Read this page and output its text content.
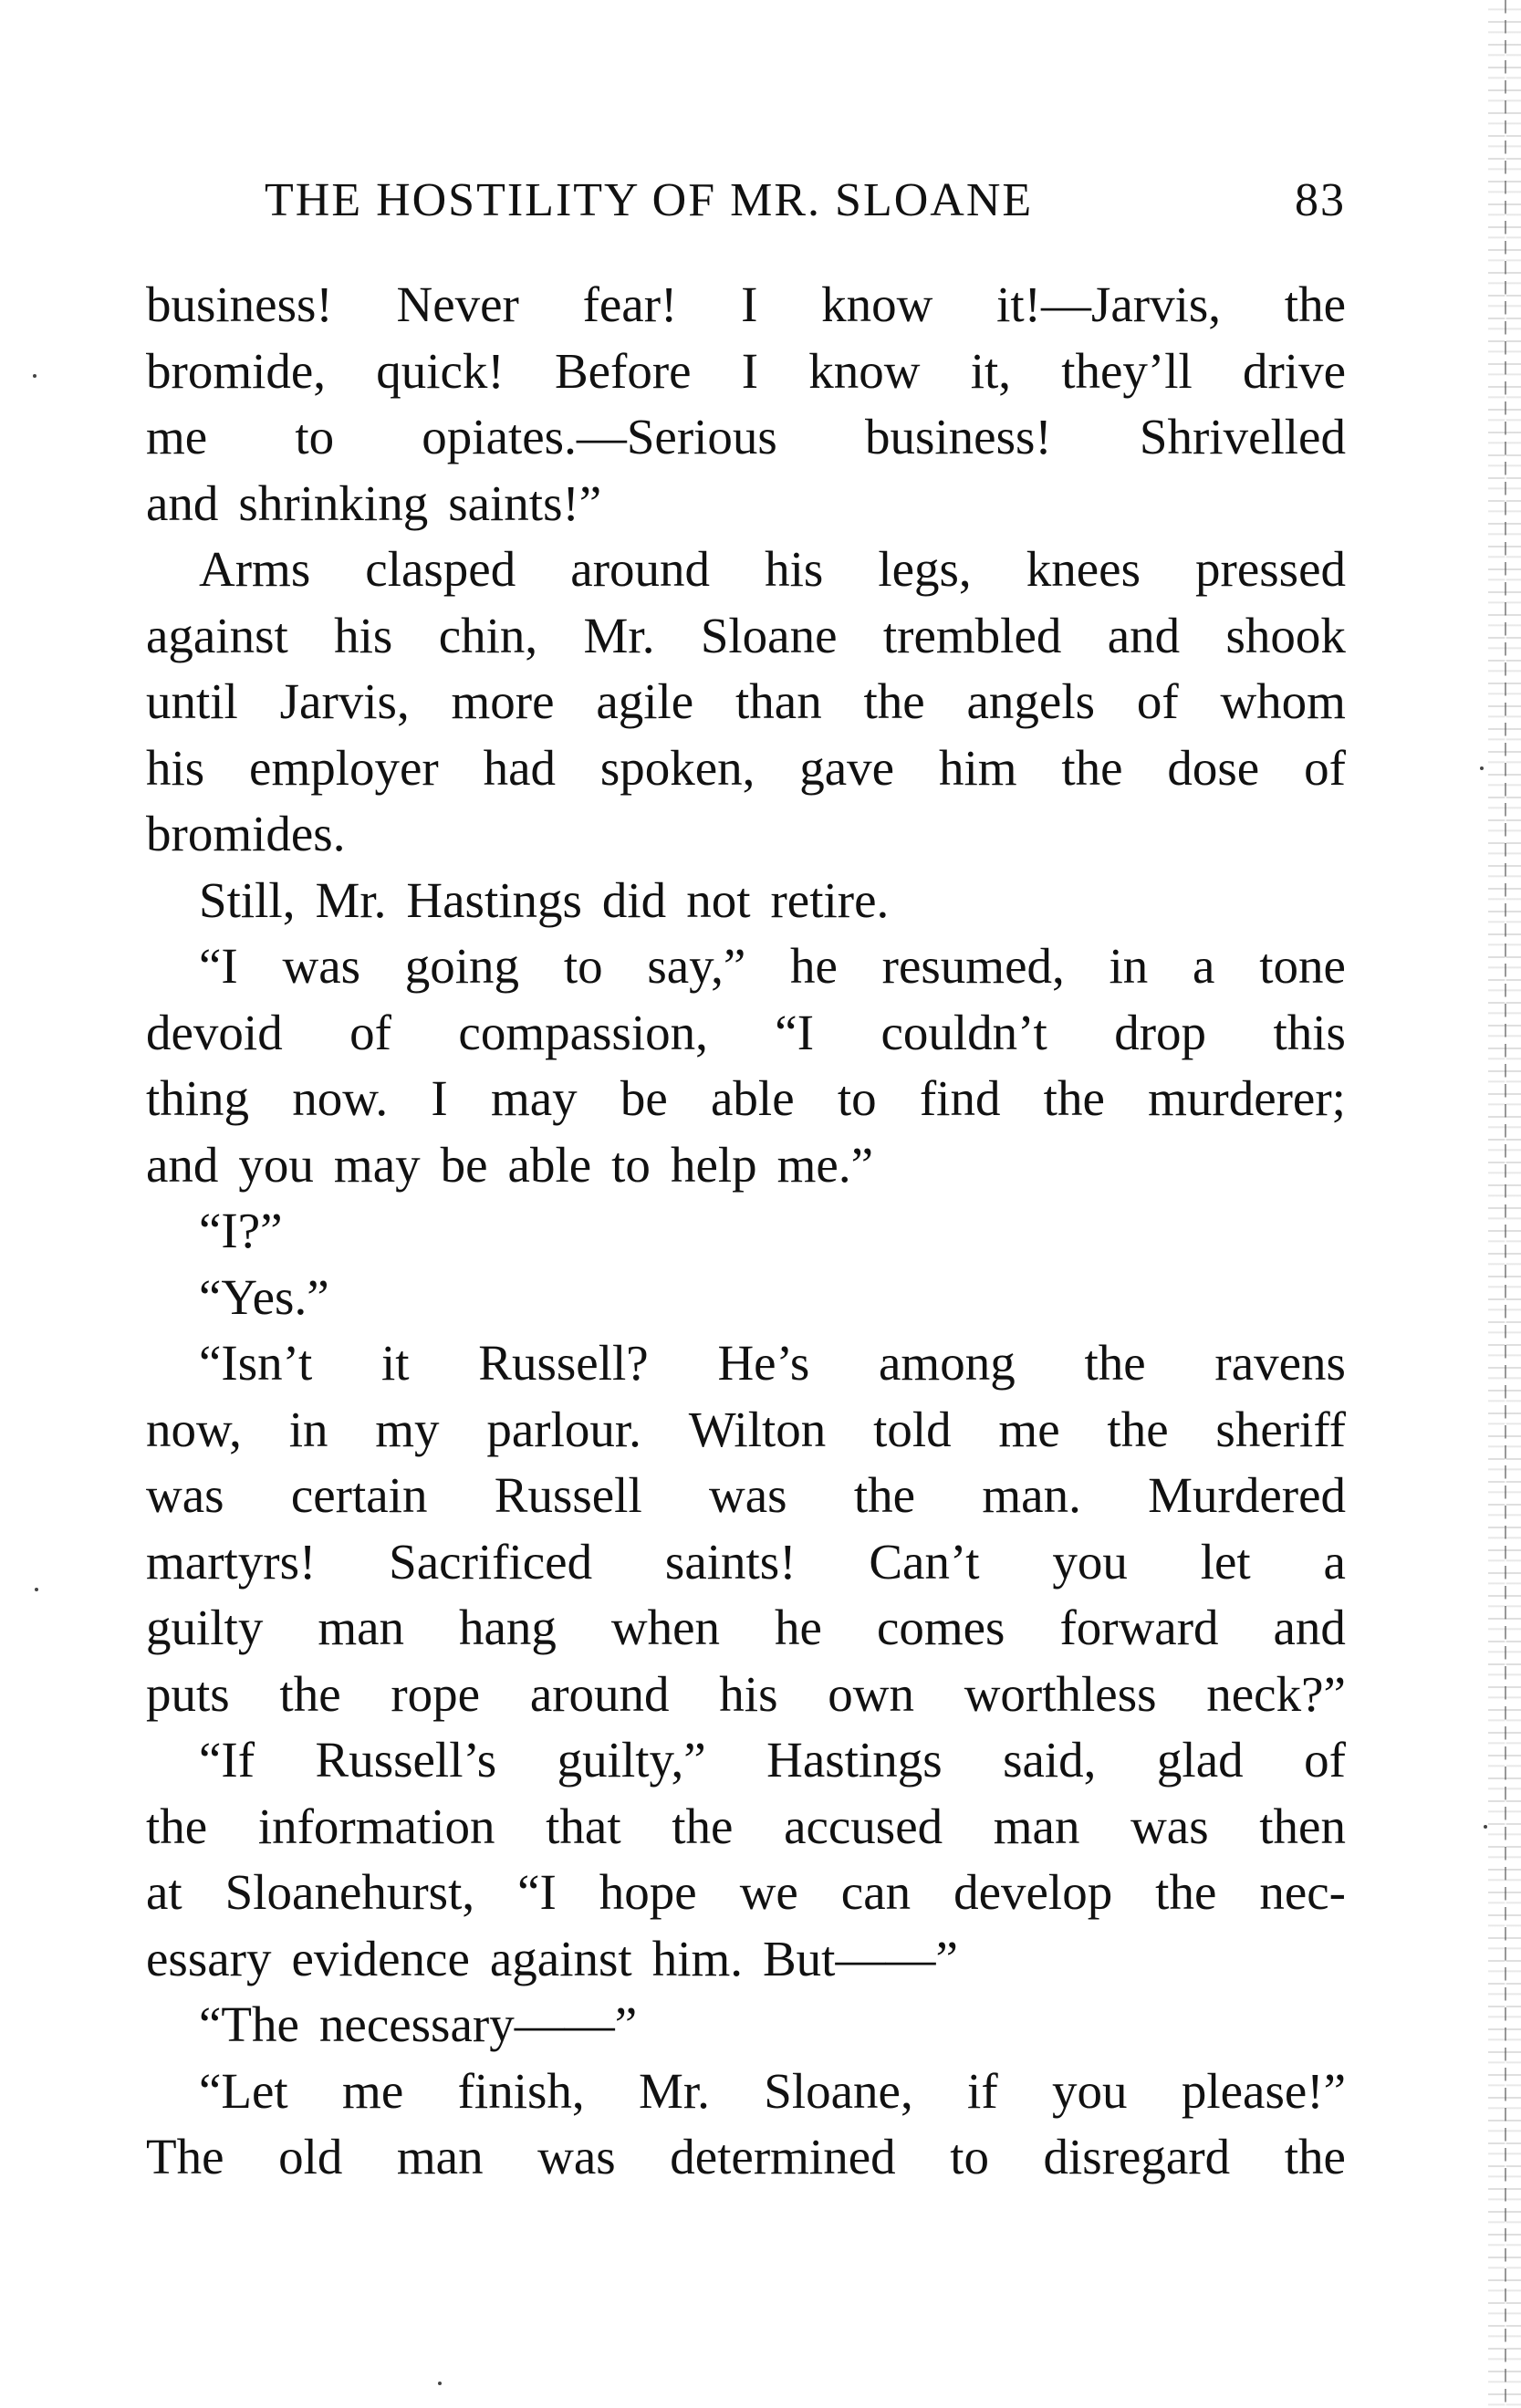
THE HOSTILITY OF MR. SLOANE	83
business! Never fear! I know it!—Jarvis, the
bromide, quick! Before I know it, they’ll drive
me to opiates.—Serious business! Shrivelled
and shrinking saints!”
Arms clasped around his legs, knees pressed
against his chin, Mr. Sloane trembled and shook
until Jarvis, more agile than the angels of whom
his employer had spoken, gave him the dose of
bromides.
Still, Mr. Hastings did not retire.
“I was going to say,” he resumed, in a tone
devoid of compassion, “I couldn’t drop this
thing now. I may be able to find the murderer;
and you may be able to help me.”
“I?”
“Yes.”
“Isn’t it Russell? He’s among the ravens
now, in my parlour. Wilton told me the sheriff
was certain Russell was the man. Murdered
martyrs! Sacrificed saints! Can’t you let a
guilty man hang when he comes forward and
puts the rope around his own worthless neck?”
“If Russell’s guilty,” Hastings said, glad of
the information that the accused man was then
at Sloanehurst, “I hope we can develop the nec-
essary evidence against him. But——”
“The necessary——”
“Let me finish, Mr. Sloane, if you please!”
The old man was determined to disregard the
